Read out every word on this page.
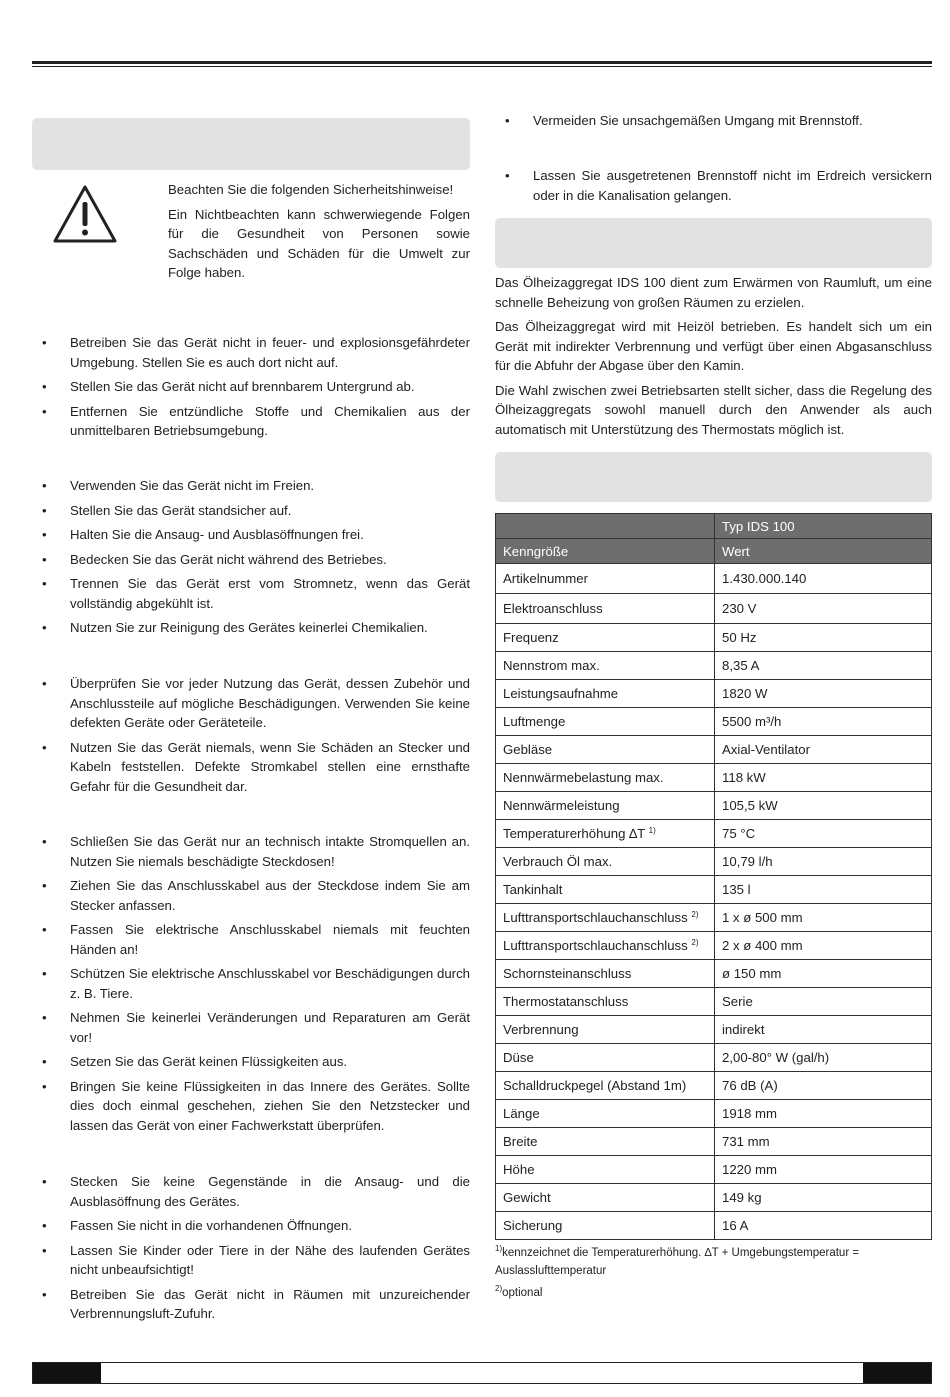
Beachten Sie die folgenden Sicherheitshinweise!

Ein Nichtbeachten kann schwerwiegende Folgen für die Gesundheit von Personen sowie Sachschäden und Schäden für die Umwelt zur Folge haben.

• Betreiben Sie das Gerät nicht in feuer- und explosionsgefährdeter Umgebung. Stellen Sie es auch dort nicht auf.
• Stellen Sie das Gerät nicht auf brennbarem Untergrund ab.
• Entfernen Sie entzündliche Stoffe und Chemikalien aus der unmittelbaren Betriebsumgebung.
• Verwenden Sie das Gerät nicht im Freien.
• Stellen Sie das Gerät standsicher auf.
• Halten Sie die Ansaug- und Ausblasöffnungen frei.
• Bedecken Sie das Gerät nicht während des Betriebes.
• Trennen Sie das Gerät erst vom Stromnetz, wenn das Gerät vollständig abgekühlt ist.
• Nutzen Sie zur Reinigung des Gerätes keinerlei Chemikalien.
• Überprüfen Sie vor jeder Nutzung das Gerät, dessen Zubehör und Anschlussteile auf mögliche Beschädigungen. Verwenden Sie keine defekten Geräte oder Geräteteile.
• Nutzen Sie das Gerät niemals, wenn Sie Schäden an Stecker und Kabeln feststellen. Defekte Stromkabel stellen eine ernsthafte Gefahr für die Gesundheit dar.
• Schließen Sie das Gerät nur an technisch intakte Stromquellen an. Nutzen Sie niemals beschädigte Steckdosen!
• Ziehen Sie das Anschlusskabel aus der Steckdose indem Sie am Stecker anfassen.
• Fassen Sie elektrische Anschlusskabel niemals mit feuchten Händen an!
• Schützen Sie elektrische Anschlusskabel vor Beschädigungen durch z. B. Tiere.
• Nehmen Sie keinerlei Veränderungen und Reparaturen am Gerät vor!
• Setzen Sie das Gerät keinen Flüssigkeiten aus.
• Bringen Sie keine Flüssigkeiten in das Innere des Gerätes. Sollte dies doch einmal geschehen, ziehen Sie den Netzstecker und lassen das Gerät von einer Fachwerkstatt überprüfen.
• Stecken Sie keine Gegenstände in die Ansaug- und die Ausblasöffnung des Gerätes.
• Fassen Sie nicht in die vorhandenen Öffnungen.
• Lassen Sie Kinder oder Tiere in der Nähe des laufenden Gerätes nicht unbeaufsichtigt!
• Betreiben Sie das Gerät nicht in Räumen mit unzureichender Verbrennungsluft-Zufuhr.
• Vermeiden Sie unsachgemäßen Umgang mit Brennstoff.
• Lassen Sie ausgetretenen Brennstoff nicht im Erdreich versickern oder in die Kanalisation gelangen.

Das Ölheizaggregat IDS 100 dient zum Erwärmen von Raumluft, um eine schnelle Beheizung von großen Räumen zu erzielen.

Das Ölheizaggregat wird mit Heizöl betrieben. Es handelt sich um ein Gerät mit indirekter Verbrennung und verfügt über einen Abgasanschluss für die Abfuhr der Abgase über den Kamin.

Die Wahl zwischen zwei Betriebsarten stellt sicher, dass die Regelung des Ölheizaggregats sowohl manuell durch den Anwender als auch automatisch mit Unterstützung des Thermostats möglich ist.

	Typ IDS 100
Kenngröße	Wert
Artikelnummer	1.430.000.140
Elektroanschluss	230 V
Frequenz	50 Hz
Nennstrom max.	8,35 A
Leistungsaufnahme	1820 W
Luftmenge	5500 m³/h
Gebläse	Axial-Ventilator
Nennwärmebelastung max.	118 kW
Nennwärmeleistung	105,5 kW
Temperaturerhöhung ∆T $^{1)}$	75 °C
Verbrauch Öl max.	10,79 l/h
Tankinhalt	135 l
Lufttransportschlauchanschluss $^{2)}$	1 x ø 500 mm
Lufttransportschlauchanschluss $^{2)}$	2 x ø 400 mm
Schornsteinanschluss	ø 150 mm
Thermostatanschluss	Serie
Verbrennung	indirekt
Düse	2,00-80° W (gal/h)
Schalldruckpegel (Abstand 1m)	76 dB (A)
Länge	1918 mm
Breite	731 mm
Höhe	1220 mm
Gewicht	149 kg
Sicherung	16 A

$^{1)}$kennzeichnet die Temperaturerhöhung. ∆T + Umgebungstemperatur = Auslasslufttemperatur

$^{2)}$optional
